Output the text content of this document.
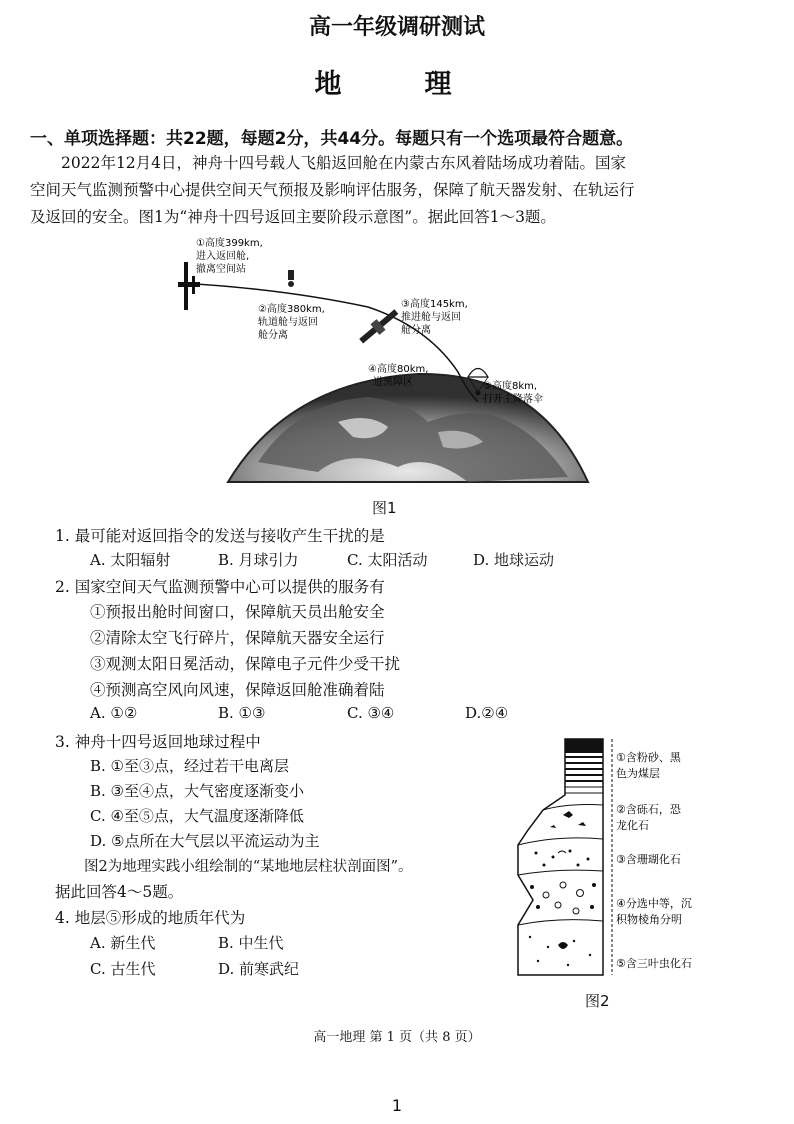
高一年级调研测试
地　理
一、单项选择题：共22题，每题2分，共44分。每题只有一个选项最符合题意。

　　2022年12月4日，神舟十四号载人飞船返回舱在内蒙古东风着陆场成功着陆。国家

空间天气监测预警中心提供空间天气预报及影响评估服务，保障了航天器发射、在轨运行

及返回的安全。图1为“神舟十四号返回主要阶段示意图”。据此回答1～3题。

①高度399km,
进入返回舱,
撤离空间站
②高度380km,
轨道舱与返回
舱分离
③高度145km,
推进舱与返回
舱分离
④高度80km,
进黑障区	⑤高度8km,
打开主降落伞
图1
1. 最可能对返回指令的发送与接收产生干扰的是
A. 太阳辐射	B. 月球引力	C. 太阳活动	D. 地球运动
2. 国家空间天气监测预警中心可以提供的服务有
①预报出舱时间窗口，保障航天员出舱安全
②清除太空飞行碎片，保障航天器安全运行
③观测太阳日冕活动，保障电子元件少受干扰
④预测高空风向风速，保障返回舱准确着陆
A. ①②	B. ①③	C. ③④	D.②④
3. 神舟十四号返回地球过程中
B. ①至③点，经过若干电离层
B. ③至④点，大气密度逐渐变小
C. ④至⑤点，大气温度逐渐降低
D. ⑤点所在大气层以平流运动为主
　　图2为地理实践小组绘制的“某地地层柱状剖面图”。
据此回答4～5题。
4. 地层⑤形成的地质年代为
A. 新生代	B. 中生代
C. 古生代	D. 前寒武纪
①含粉砂、黑
色为煤层
②含砾石，恐
龙化石
③含珊瑚化石
④分选中等，沉
积物棱角分明
⑤含三叶虫化石
图2
高一地理 第 1 页（共 8 页）
1
